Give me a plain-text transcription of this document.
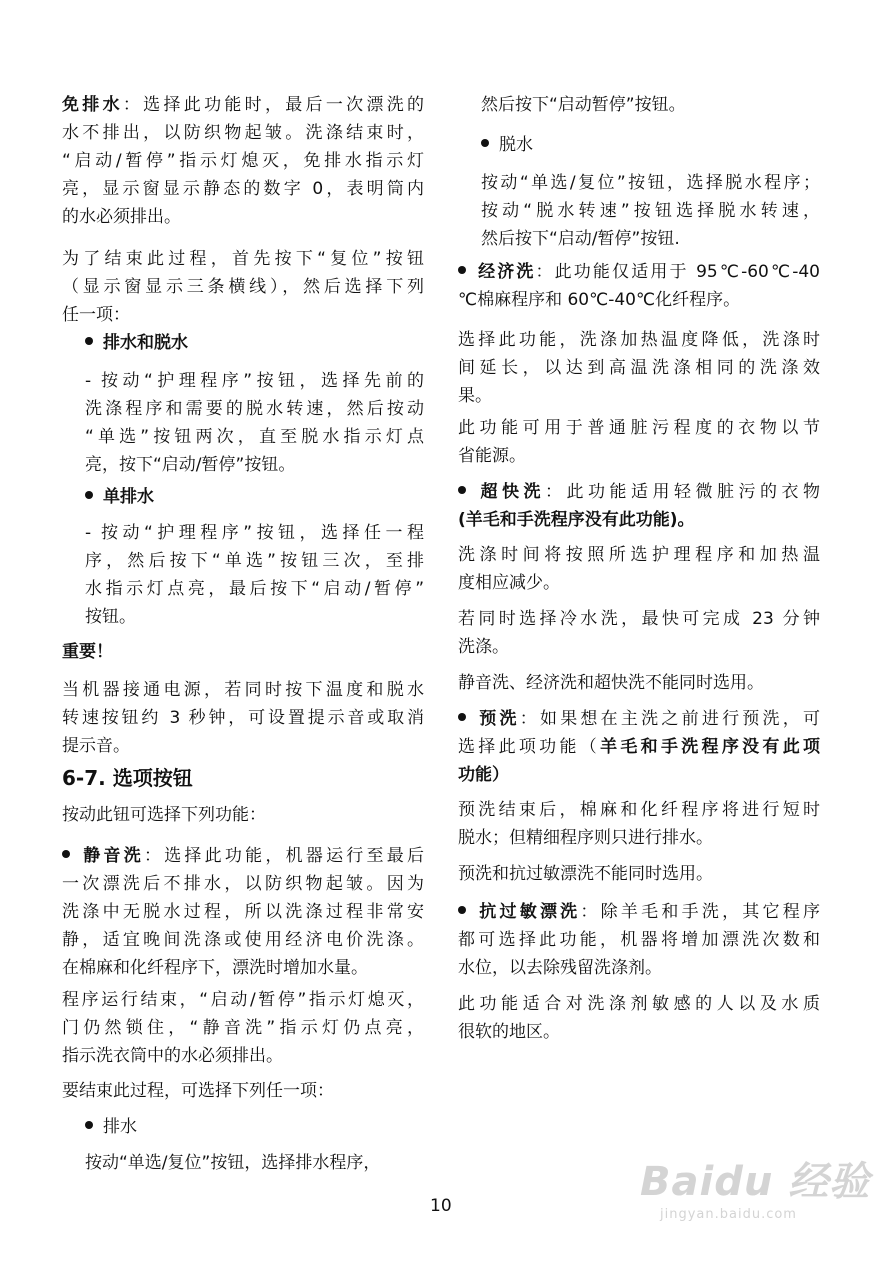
免排水：选择此功能时，最后一次漂洗的
水不排出，以防织物起皱。洗涤结束时，
“启动/暂停”指示灯熄灭，免排水指示灯
亮，显示窗显示静态的数字 0，表明筒内
的水必须排出。
为了结束此过程，首先按下“复位”按钮
（显示窗显示三条横线），然后选择下列
任一项：
排水和脱水
- 按动“护理程序”按钮，选择先前的
洗涤程序和需要的脱水转速，然后按动
“单选”按钮两次，直至脱水指示灯点
亮，按下“启动/暂停”按钮。
单排水
- 按动“护理程序”按钮，选择任一程
序，然后按下“单选”按钮三次，至排
水指示灯点亮，最后按下“启动/暂停”
按钮。
重要！
当机器接通电源，若同时按下温度和脱水
转速按钮约 3 秒钟，可设置提示音或取消
提示音。
6-7. 选项按钮
按动此钮可选择下列功能：
静音洗：选择此功能，机器运行至最后
一次漂洗后不排水，以防织物起皱。因为
洗涤中无脱水过程，所以洗涤过程非常安
静，适宜晚间洗涤或使用经济电价洗涤。
在棉麻和化纤程序下，漂洗时增加水量。
程序运行结束，“启动/暂停”指示灯熄灭，
门仍然锁住，“静音洗”指示灯仍点亮，
指示洗衣筒中的水必须排出。
要结束此过程，可选择下列任一项：
排水
按动“单选/复位”按钮，选择排水程序，
然后按下“启动暂停”按钮。
脱水
按动“单选/复位”按钮，选择脱水程序；
按动“脱水转速”按钮选择脱水转速，
然后按下“启动/暂停”按钮.
经济洗：此功能仅适用于 95℃-60℃-40
℃棉麻程序和 60℃-40℃化纤程序。
选择此功能，洗涤加热温度降低，洗涤时
间延长，以达到高温洗涤相同的洗涤效
果。
此功能可用于普通脏污程度的衣物以节
省能源。
超快洗：此功能适用轻微脏污的衣物
(羊毛和手洗程序没有此功能)。
洗涤时间将按照所选护理程序和加热温
度相应减少。
若同时选择冷水洗，最快可完成 23 分钟
洗涤。
静音洗、经济洗和超快洗不能同时选用。
预洗：如果想在主洗之前进行预洗，可
选择此项功能（羊毛和手洗程序没有此项
功能）
预洗结束后，棉麻和化纤程序将进行短时
脱水；但精细程序则只进行排水。
预洗和抗过敏漂洗不能同时选用。
抗过敏漂洗：除羊毛和手洗，其它程序
都可选择此功能，机器将增加漂洗次数和
水位，以去除残留洗涤剂。
此功能适合对洗涤剂敏感的人以及水质
很软的地区。
10
Baidu 经验
jingyan.baidu.com
